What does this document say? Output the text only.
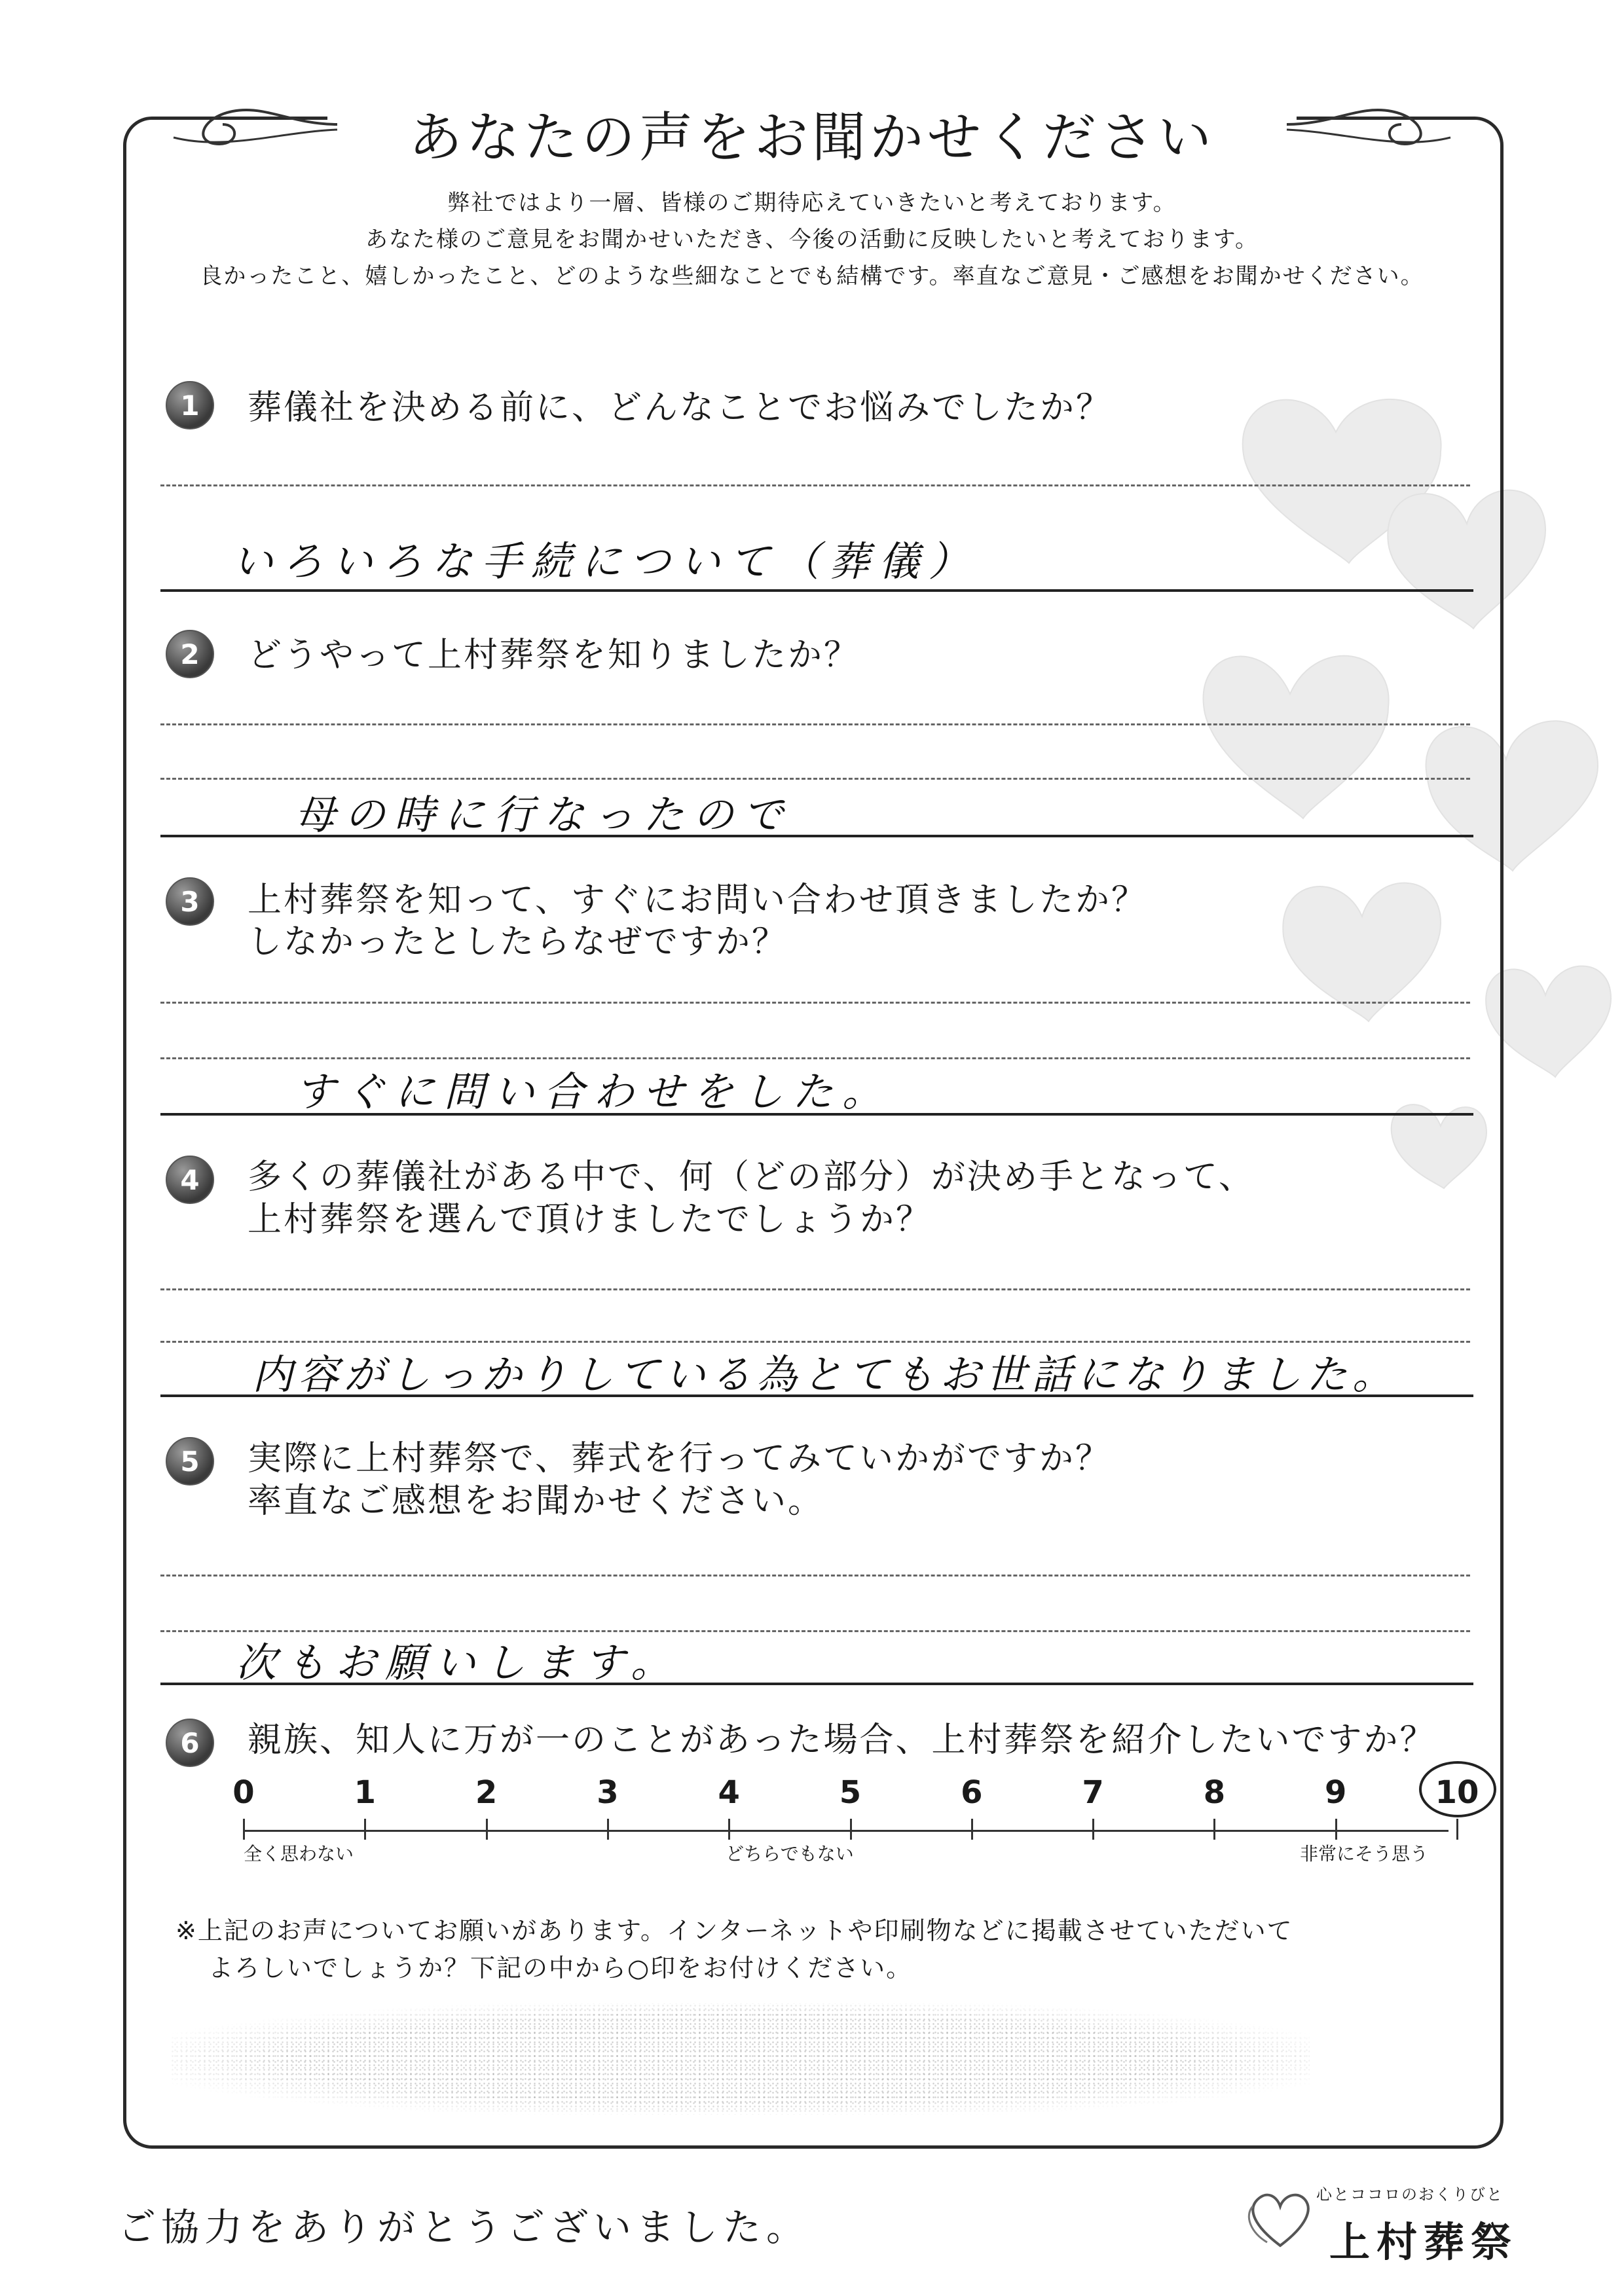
あなたの声をお聞かせください
弊社ではより一層、皆様のご期待応えていきたいと考えております。
あなた様のご意見をお聞かせいただき、今後の活動に反映したいと考えております。
良かったこと、嬉しかったこと、どのような些細なことでも結構です。率直なご意見・ご感想をお聞かせください。
1	葬儀社を決める前に、どんなことでお悩みでしたか？
いろいろな手続について（葬儀）
2	どうやって上村葬祭を知りましたか？
母の時に行なったので
3	上村葬祭を知って、すぐにお問い合わせ頂きましたか？
しなかったとしたらなぜですか？
すぐに問い合わせをした。
4	多くの葬儀社がある中で、何（どの部分）が決め手となって、
上村葬祭を選んで頂けましたでしょうか？
内容がしっかりしている為とてもお世話になりました。
5	実際に上村葬祭で、葬式を行ってみていかがですか？
率直なご感想をお聞かせください。
次もお願いします。
6	親族、知人に万が一のことがあった場合、上村葬祭を紹介したいですか？
0	1	2	3	4	5	6	7	8	9	10
全く思わない	どちらでもない	非常にそう思う
※上記のお声についてお願いがあります。インターネットや印刷物などに掲載させていただいて
よろしいでしょうか？下記の中から○印をお付けください。
ご協力をありがとうございました。
心とココロのおくりびと
上村葬祭
